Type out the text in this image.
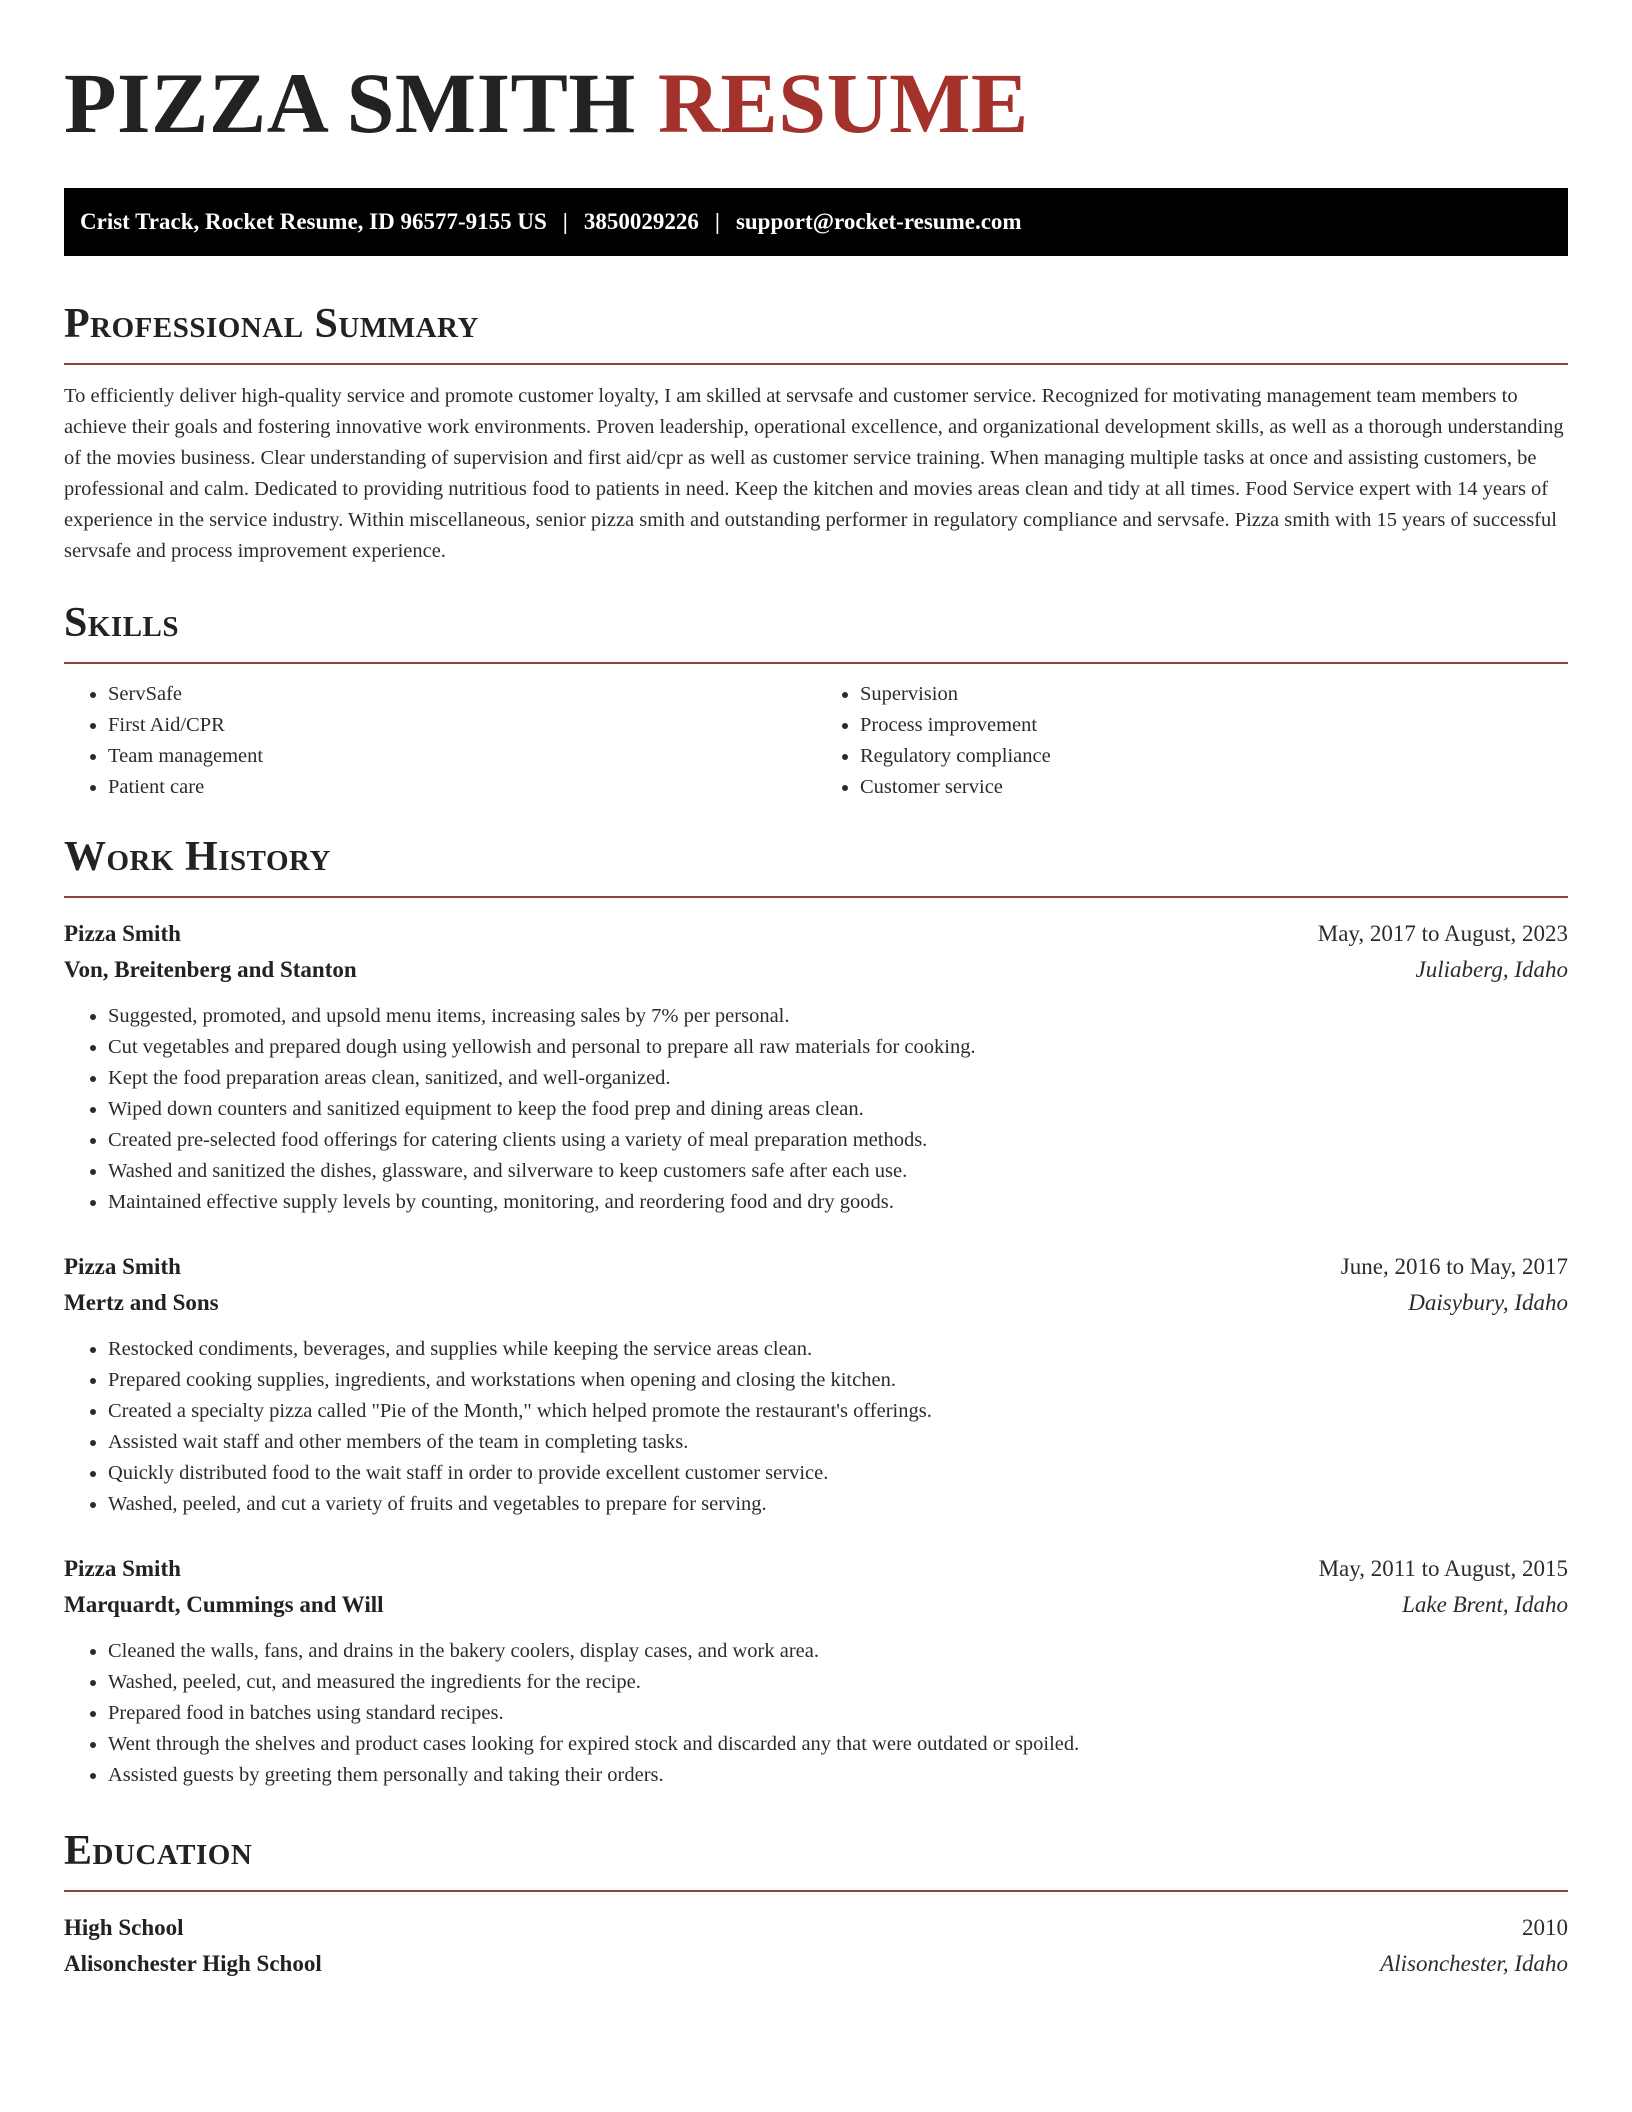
PIZZA SMITH RESUME
Crist Track, Rocket Resume, ID 96577-9155 US | 3850029226 | support@rocket-resume.com
Professional Summary

To efficiently deliver high-quality service and promote customer loyalty, I am skilled at servsafe and customer service. Recognized for motivating management team members to achieve their goals and fostering innovative work environments. Proven leadership, operational excellence, and organizational development skills, as well as a thorough understanding of the movies business. Clear understanding of supervision and first aid/cpr as well as customer service training. When managing multiple tasks at once and assisting customers, be professional and calm. Dedicated to providing nutritious food to patients in need. Keep the kitchen and movies areas clean and tidy at all times. Food Service expert with 14 years of experience in the service industry. Within miscellaneous, senior pizza smith and outstanding performer in regulatory compliance and servsafe. Pizza smith with 15 years of successful servsafe and process improvement experience.

Skills
• ServSafe
• First Aid/CPR
• Team management
• Patient care
• Supervision
• Process improvement
• Regulatory compliance
• Customer service
Work History
Pizza Smith	May, 2017 to August, 2023
Von, Breitenberg and Stanton	Juliaberg, Idaho
• Suggested, promoted, and upsold menu items, increasing sales by 7% per personal.
• Cut vegetables and prepared dough using yellowish and personal to prepare all raw materials for cooking.
• Kept the food preparation areas clean, sanitized, and well-organized.
• Wiped down counters and sanitized equipment to keep the food prep and dining areas clean.
• Created pre-selected food offerings for catering clients using a variety of meal preparation methods.
• Washed and sanitized the dishes, glassware, and silverware to keep customers safe after each use.
• Maintained effective supply levels by counting, monitoring, and reordering food and dry goods.
Pizza Smith	June, 2016 to May, 2017
Mertz and Sons	Daisybury, Idaho
• Restocked condiments, beverages, and supplies while keeping the service areas clean.
• Prepared cooking supplies, ingredients, and workstations when opening and closing the kitchen.
• Created a specialty pizza called "Pie of the Month," which helped promote the restaurant's offerings.
• Assisted wait staff and other members of the team in completing tasks.
• Quickly distributed food to the wait staff in order to provide excellent customer service.
• Washed, peeled, and cut a variety of fruits and vegetables to prepare for serving.
Pizza Smith	May, 2011 to August, 2015
Marquardt, Cummings and Will	Lake Brent, Idaho
• Cleaned the walls, fans, and drains in the bakery coolers, display cases, and work area.
• Washed, peeled, cut, and measured the ingredients for the recipe.
• Prepared food in batches using standard recipes.
• Went through the shelves and product cases looking for expired stock and discarded any that were outdated or spoiled.
• Assisted guests by greeting them personally and taking their orders.
Education
High School	2010
Alisonchester High School	Alisonchester, Idaho
